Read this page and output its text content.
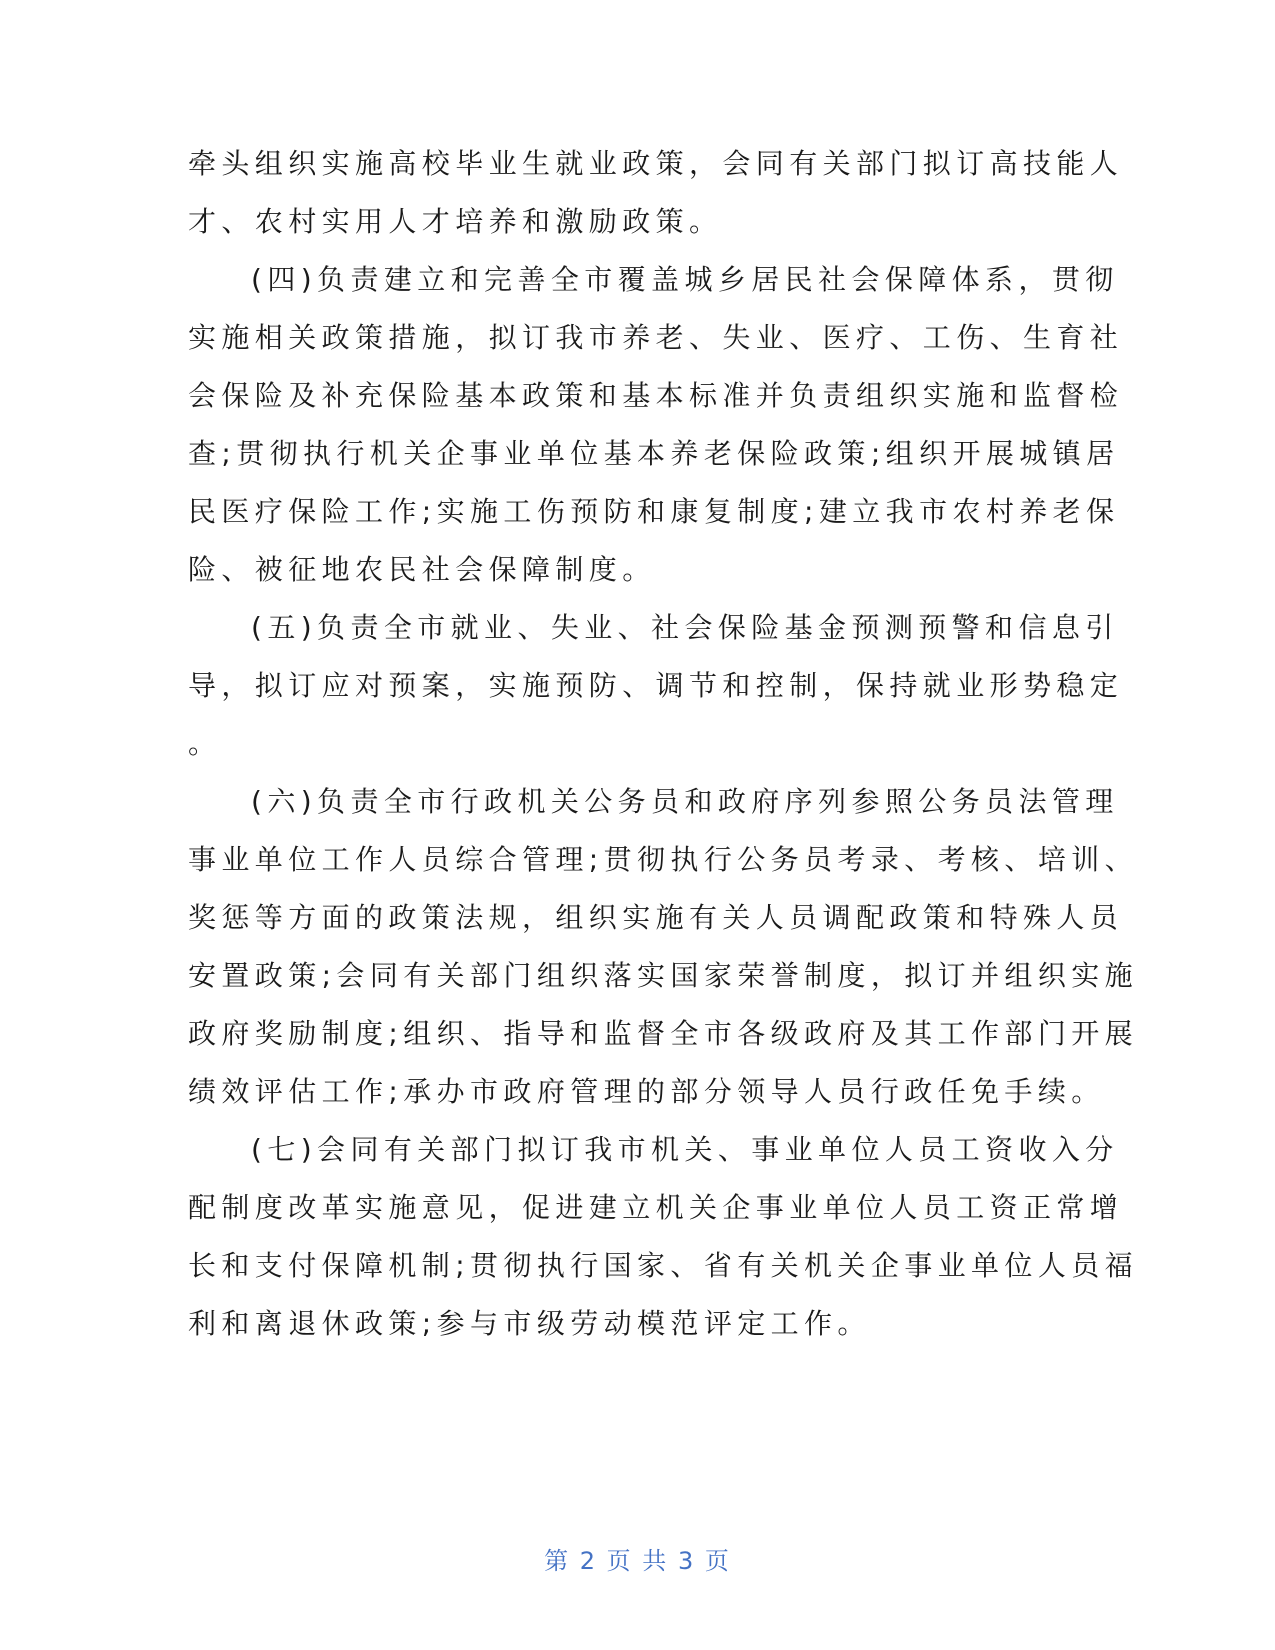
牵头组织实施高校毕业生就业政策，会同有关部门拟订高技能人
才、农村实用人才培养和激励政策。
(四)负责建立和完善全市覆盖城乡居民社会保障体系，贯彻
实施相关政策措施，拟订我市养老、失业、医疗、工伤、生育社
会保险及补充保险基本政策和基本标准并负责组织实施和监督检
查;贯彻执行机关企事业单位基本养老保险政策;组织开展城镇居
民医疗保险工作;实施工伤预防和康复制度;建立我市农村养老保
险、被征地农民社会保障制度。
(五)负责全市就业、失业、社会保险基金预测预警和信息引
导，拟订应对预案，实施预防、调节和控制，保持就业形势稳定
。
(六)负责全市行政机关公务员和政府序列参照公务员法管理
事业单位工作人员综合管理;贯彻执行公务员考录、考核、培训、
奖惩等方面的政策法规，组织实施有关人员调配政策和特殊人员
安置政策;会同有关部门组织落实国家荣誉制度，拟订并组织实施
政府奖励制度;组织、指导和监督全市各级政府及其工作部门开展
绩效评估工作;承办市政府管理的部分领导人员行政任免手续。
(七)会同有关部门拟订我市机关、事业单位人员工资收入分
配制度改革实施意见，促进建立机关企事业单位人员工资正常增
长和支付保障机制;贯彻执行国家、省有关机关企事业单位人员福
利和离退休政策;参与市级劳动模范评定工作。
第 2 页 共 3 页
